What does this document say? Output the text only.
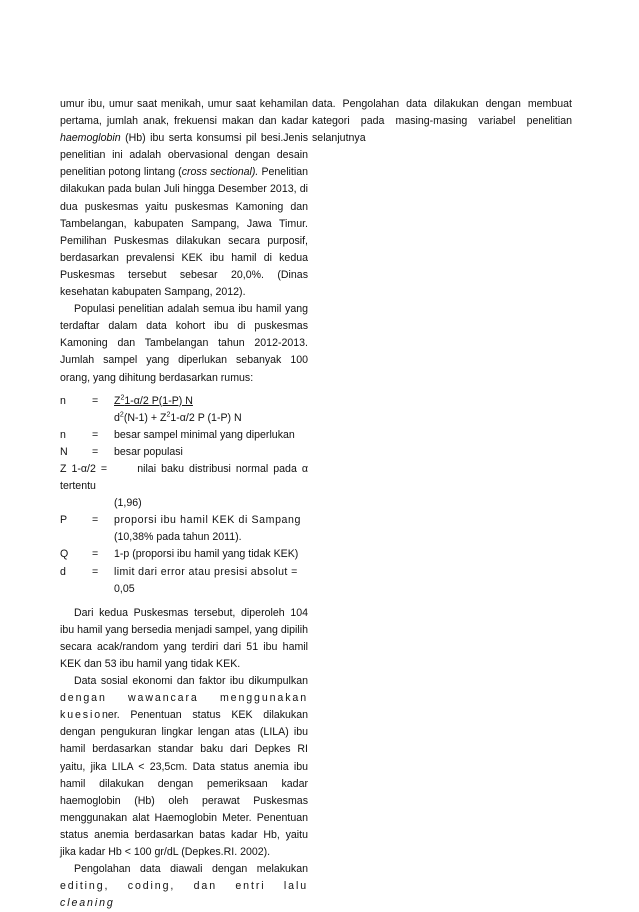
umur ibu, umur saat menikah, umur saat kehamilan pertama, jumlah anak, frekuensi makan dan kadar haemoglobin (Hb) ibu serta konsumsi pil besi.Jenis penelitian ini adalah obervasional dengan desain penelitian potong lintang (cross sectional). Penelitian dilakukan pada bulan Juli hingga Desember 2013, di dua puskesmas yaitu puskesmas Kamoning dan Tambelangan, kabupaten Sampang, Jawa Timur. Pemilihan Puskesmas dilakukan secara purposif, berdasarkan prevalensi KEK ibu hamil di kedua Puskesmas tersebut sebesar 20,0%. (Dinas kesehatan kabupaten Sampang, 2012).

Populasi penelitian adalah semua ibu hamil yang terdaftar dalam data kohort ibu di puskesmas Kamoning dan Tambelangan tahun 2012-2013. Jumlah sampel yang diperlukan sebanyak 100 orang, yang dihitung berdasarkan rumus:

n	=	$Z^21-\alpha/2$ P(1-P) N
$d^2(N-1) + Z^21-\alpha/2$ P (1-P) N
n	=	besar sampel minimal yang diperlukan
N	=	besar populasi
Z 1-α/2 =      nilai baku distribusi normal pada α tertentu
(1,96)
P	=	proporsi ibu hamil KEK di Sampang
(10,38% pada tahun 2011).
Q	=	1-p (proporsi ibu hamil yang tidak KEK)
d	=	limit dari error atau presisi absolut =
0,05

Dari kedua Puskesmas tersebut, diperoleh 104 ibu hamil yang bersedia menjadi sampel, yang dipilih secara acak/random yang terdiri dari 51 ibu hamil KEK dan 53 ibu hamil yang tidak KEK.

Data sosial ekonomi dan faktor ibu dikumpulkan dengan wawancara menggunakan kuesioner. Penentuan status KEK dilakukan dengan pengukuran lingkar lengan atas (LILA) ibu hamil berdasarkan standar baku dari Depkes RI yaitu, jika LILA < 23,5cm. Data status anemia ibu hamil dilakukan dengan pemeriksaan kadar haemoglobin (Hb) oleh perawat Puskesmas menggunakan alat Haemoglobin Meter. Penentuan status anemia berdasarkan batas kadar Hb, yaitu jika kadar Hb < 100 gr/dL (Depkes.RI. 2002).

Pengolahan data diawali dengan melakukan editing, coding, dan entri lalu cleaning

data. Pengolahan data dilakukan dengan membuat kategori pada masing-masing variabel penelitian selanjutnya
